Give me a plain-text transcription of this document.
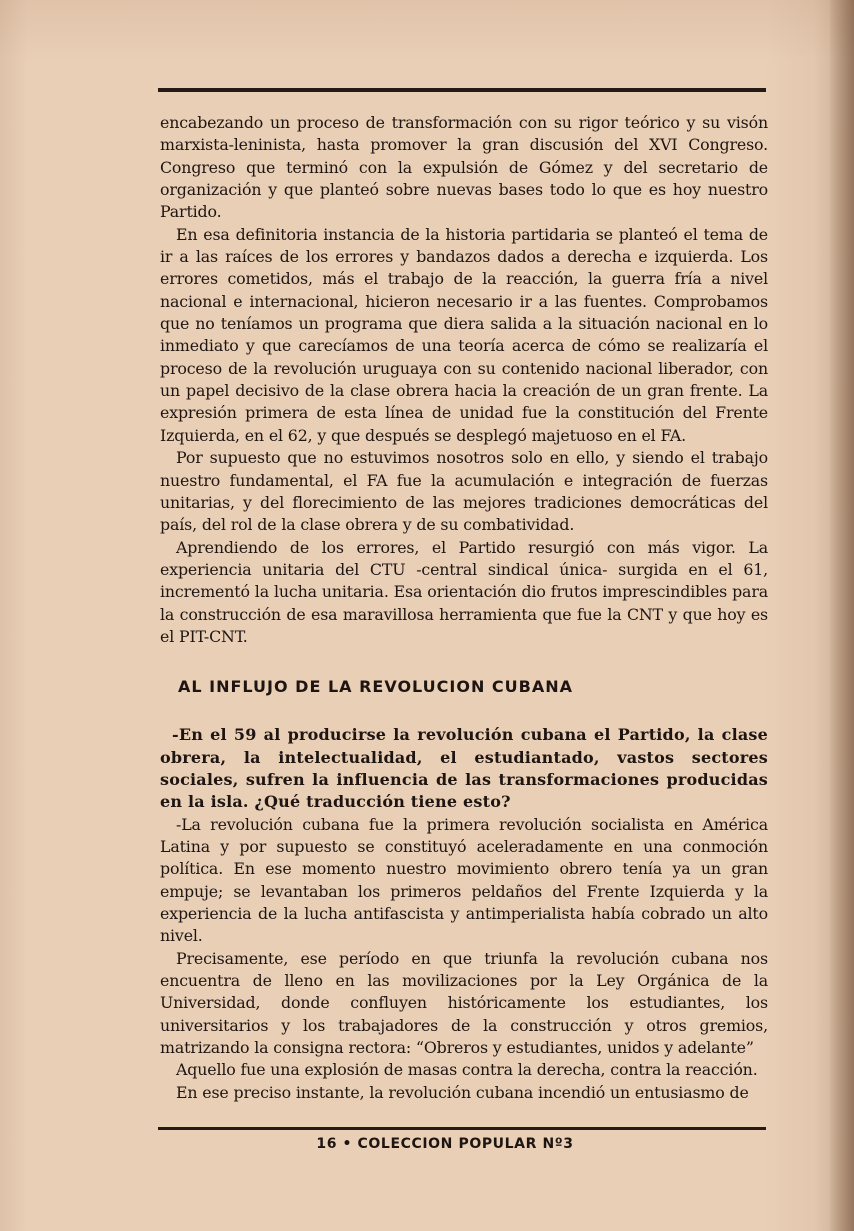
encabezando un proceso de transformación con su rigor teórico y su visón marxista-leninista, hasta promover la gran discusión del XVI Congreso. Congreso que terminó con la expulsión de Gómez y del secretario de organización y que planteó sobre nuevas bases todo lo que es hoy nuestro Partido.

En esa definitoria instancia de la historia partidaria se planteó el tema de ir a las raíces de los errores y bandazos dados a derecha e izquierda. Los errores cometidos, más el trabajo de la reacción, la guerra fría a nivel nacional e internacional, hicieron necesario ir a las fuentes. Comprobamos que no teníamos un programa que diera salida a la situación nacional en lo inmediato y que carecíamos de una teoría acerca de cómo se realizaría el proceso de la revolución uruguaya con su contenido nacional liberador, con un papel decisivo de la clase obrera hacia la creación de un gran frente. La expresión primera de esta línea de unidad fue la constitución del Frente Izquierda, en el 62, y que después se desplegó majetuoso en el FA.

Por supuesto que no estuvimos nosotros solo en ello, y siendo el trabajo nuestro fundamental, el FA fue la acumulación e integración de fuerzas unitarias, y del florecimiento de las mejores tradiciones democráticas del país, del rol de la clase obrera y de su combatividad.

Aprendiendo de los errores, el Partido resurgió con más vigor. La experiencia unitaria del CTU -central sindical única- surgida en el 61, incrementó la lucha unitaria. Esa orientación dio frutos imprescindibles para la construcción de esa maravillosa herramienta que fue la CNT y que hoy es el PIT-CNT.

AL INFLUJO DE LA REVOLUCION CUBANA

-En el 59 al producirse la revolución cubana el Partido, la clase obrera, la intelectualidad, el estudiantado, vastos sectores sociales, sufren la influencia de las transformaciones producidas en la isla. ¿Qué traducción tiene esto?

-La revolución cubana fue la primera revolución socialista en América Latina y por supuesto se constituyó aceleradamente en una conmoción política. En ese momento nuestro movimiento obrero tenía ya un gran empuje; se levantaban los primeros peldaños del Frente Izquierda y la experiencia de la lucha antifascista y antimperialista había cobrado un alto nivel.

Precisamente, ese período en que triunfa la revolución cubana nos encuentra de lleno en las movilizaciones por la Ley Orgánica de la Universidad, donde confluyen históricamente los estudiantes, los universitarios y los trabajadores de la construcción y otros gremios, matrizando la consigna rectora: “Obreros y estudiantes, unidos y adelante”

Aquello fue una explosión de masas contra la derecha, contra la reacción.

En ese preciso instante, la revolución cubana incendió un entusiasmo de

16 • COLECCION POPULAR Nº3
